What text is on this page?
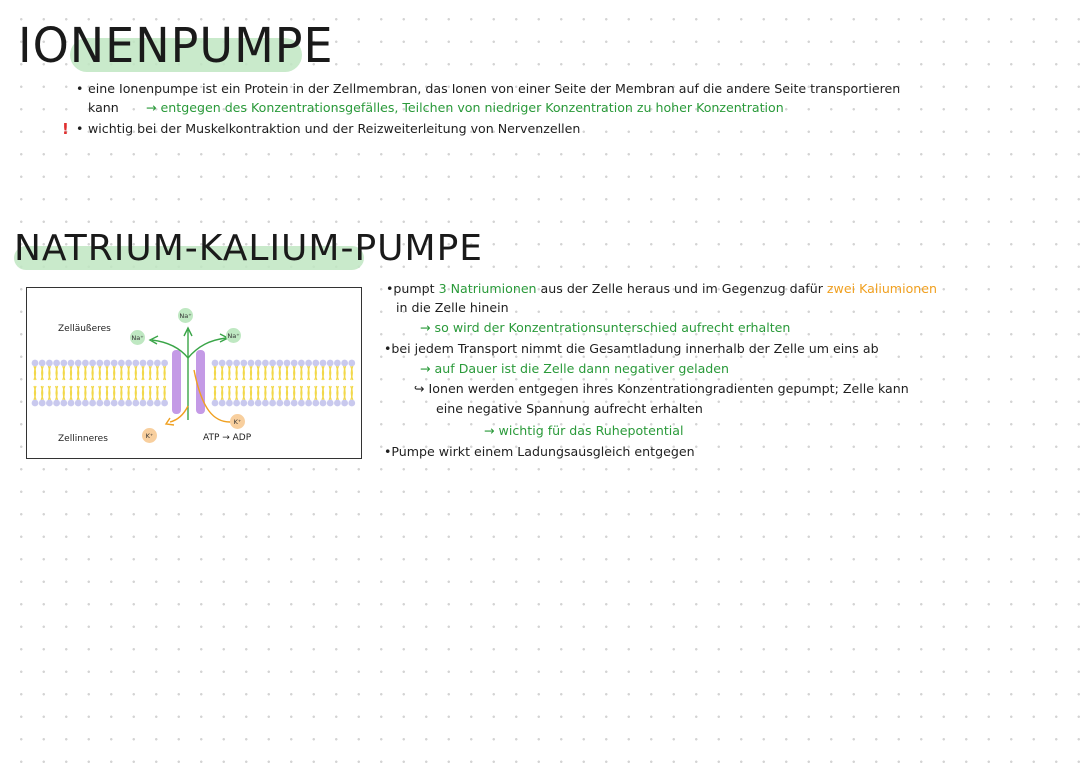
IONENPUMPE
• eine Ionenpumpe ist ein Protein in der Zellmembran, das Ionen von einer Seite der Membran auf die andere Seite transportieren
kann → entgegen des Konzentrationsgefälles, Teilchen von niedriger Konzentration zu hoher Konzentration
! • wichtig bei der Muskelkontraktion und der Reizweiterleitung von Nervenzellen
NATRIUM-KALIUM-PUMPE
Na⁺
Na⁺	Na⁺
K⁺
K⁺
Zelläußeres
Zellinneres	ATP → ADP
•pumpt 3 Natriumionen aus der Zelle heraus und im Gegenzug dafür zwei Kaliumionen
in die Zelle hinein
→ so wird der Konzentrationsunterschied aufrecht erhalten
•bei jedem Transport nimmt die Gesamtladung innerhalb der Zelle um eins ab
→ auf Dauer ist die Zelle dann negativer geladen
↪ Ionen werden entgegen ihres Konzentrationgradienten gepumpt; Zelle kann
eine negative Spannung aufrecht erhalten
→ wichtig für das Ruhepotential
•Pumpe wirkt einem Ladungsausgleich entgegen
